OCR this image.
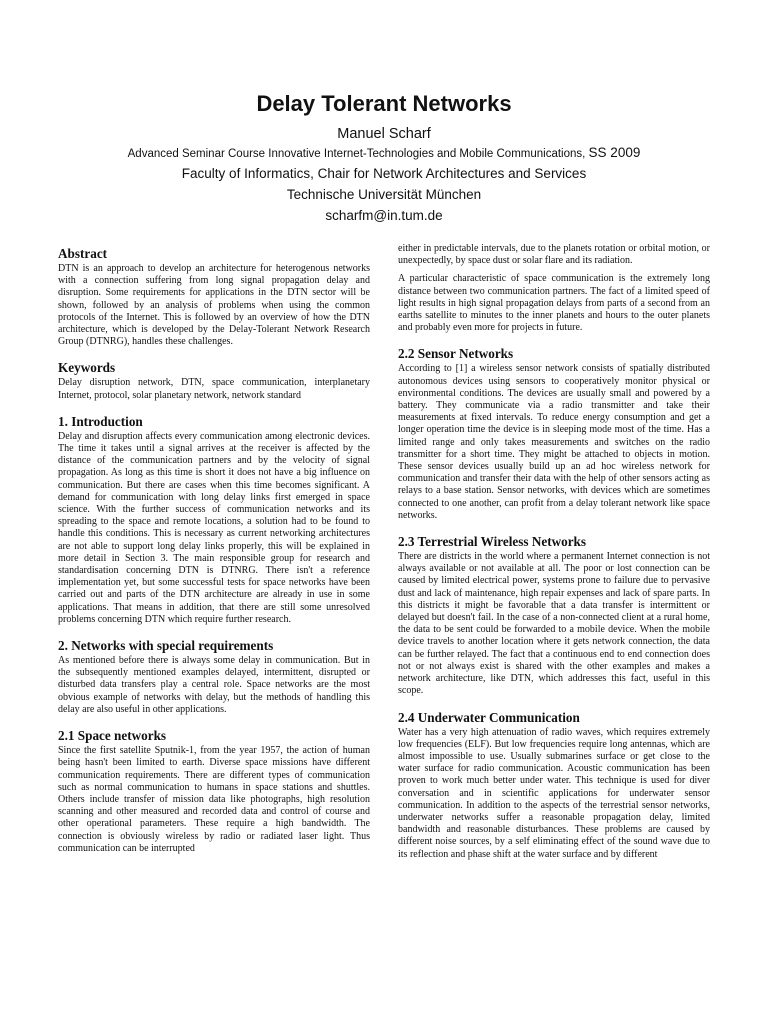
Delay Tolerant Networks
Manuel Scharf
Advanced Seminar Course Innovative Internet-Technologies and Mobile Communications, SS 2009
Faculty of Informatics, Chair for Network Architectures and Services
Technische Universität München
scharfm@in.tum.de
Abstract

DTN is an approach to develop an architecture for heterogenous networks with a connection suffering from long signal propagation delay and disruption. Some requirements for applications in the DTN sector will be shown, followed by an analysis of problems when using the common protocols of the Internet. This is followed by an overview of how the DTN architecture, which is developed by the Delay-Tolerant Network Research Group (DTNRG), handles these challenges.

Keywords

Delay disruption network, DTN, space communication, interplanetary Internet, protocol, solar planetary network, network standard

1. Introduction

Delay and disruption affects every communication among electronic devices. The time it takes until a signal arrives at the receiver is affected by the distance of the communication partners and by the velocity of signal propagation. As long as this time is short it does not have a big influence on communication. But there are cases when this time becomes significant. A demand for communication with long delay links first emerged in space science. With the further success of communication networks and its spreading to the space and remote locations, a solution had to be found to handle this conditions. This is necessary as current networking architectures are not able to support long delay links properly, this will be explained in more detail in Section 3. The main responsible group for research and standardisation concerning DTN is DTNRG. There isn't a reference implementation yet, but some successful tests for space networks have been carried out and parts of the DTN architecture are already in use in some applications. That means in addition, that there are still some unresolved problems concerning DTN which require further research.

2. Networks with special requirements

As mentioned before there is always some delay in communication. But in the subsequently mentioned examples delayed, intermittent, disrupted or disturbed data transfers play a central role. Space networks are the most obvious example of networks with delay, but the methods of handling this delay are also useful in other applications.

2.1 Space networks

Since the first satellite Sputnik-1, from the year 1957, the action of human being hasn't been limited to earth. Diverse space missions have different communication requirements. There are different types of communication such as normal communication to humans in space stations and shuttles. Others include transfer of mission data like photographs, high resolution scanning and other measured and recorded data and control of course and other operational parameters. These require a high bandwidth. The connection is obviously wireless by radio or radiated laser light. Thus communication can be interrupted

either in predictable intervals, due to the planets rotation or orbital motion, or unexpectedly, by space dust or solar flare and its radiation.

A particular characteristic of space communication is the extremely long distance between two communication partners. The fact of a limited speed of light results in high signal propagation delays from parts of a second from an earths satellite to minutes to the inner planets and hours to the outer planets and probably even more for projects in future.

2.2 Sensor Networks

According to [1] a wireless sensor network consists of spatially distributed autonomous devices using sensors to cooperatively monitor physical or environmental conditions. The devices are usually small and powered by a battery. They communicate via a radio transmitter and take their measurements at fixed intervals. To reduce energy consumption and get a longer operation time the device is in sleeping mode most of the time. Has a limited range and only takes measurements and switches on the radio transmitter for a short time. They might be attached to objects in motion. These sensor devices usually build up an ad hoc wireless network for communication and transfer their data with the help of other sensors acting as relays to a base station. Sensor networks, with devices which are sometimes connected to one another, can profit from a delay tolerant network like space networks.

2.3 Terrestrial Wireless Networks

There are districts in the world where a permanent Internet connection is not always available or not available at all. The poor or lost connection can be caused by limited electrical power, systems prone to failure due to pervasive dust and lack of maintenance, high repair expenses and lack of spare parts. In this districts it might be favorable that a data transfer is intermittent or delayed but doesn't fail. In the case of a non-connected client at a rural home, the data to be sent could be forwarded to a mobile device. When the mobile device travels to another location where it gets network connection, the data can be further relayed. The fact that a continuous end to end connection does not or not always exist is shared with the other examples and makes a network architecture, like DTN, which addresses this fact, useful in this scope.

2.4 Underwater Communication

Water has a very high attenuation of radio waves, which requires extremely low frequencies (ELF). But low frequencies require long antennas, which are almost impossible to use. Usually submarines surface or get close to the water surface for radio communication. Acoustic communication has been proven to work much better under water. This technique is used for diver conversation and in scientific applications for underwater sensor communication. In addition to the aspects of the terrestrial sensor networks, underwater networks suffer a reasonable propagation delay, limited bandwidth and reasonable disturbances. These problems are caused by different noise sources, by a self eliminating effect of the sound wave due to its reflection and phase shift at the water surface and by different
